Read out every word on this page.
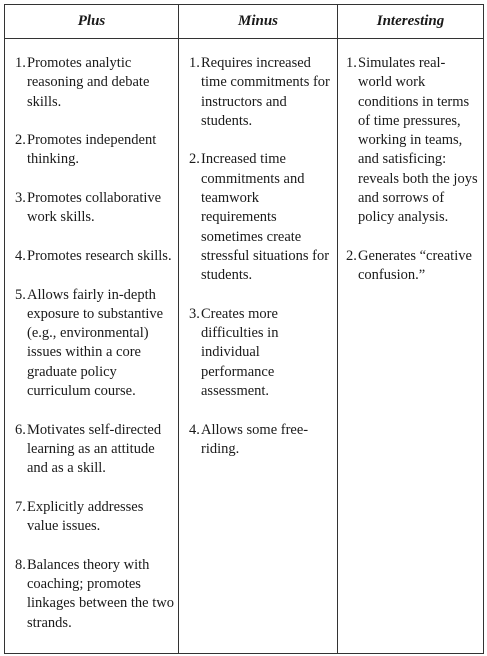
Plus	Minus	Interesting
1. Promotes analytic reasoning and debate skills.
2. Promotes independent thinking.
3. Promotes collaborative work skills.
4. Promotes research skills.
5. Allows fairly in-depth exposure to substantive (e.g., environmental) issues within a core graduate policy curriculum course.
6. Motivates self-directed learning as an attitude and as a skill.
7. Explicitly addresses value issues.
8. Balances theory with coaching; promotes linkages between the two strands.
1. Requires increased time commitments for instructors and students.
2. Increased time commitments and teamwork requirements sometimes create stressful situations for students.
3. Creates more difficulties in individual performance assessment.
4. Allows some free-riding.
1. Simulates real-world work conditions in terms of time pressures, working in teams, and satisficing: reveals both the joys and sorrows of policy analysis.
2. Generates “creative confusion.”
